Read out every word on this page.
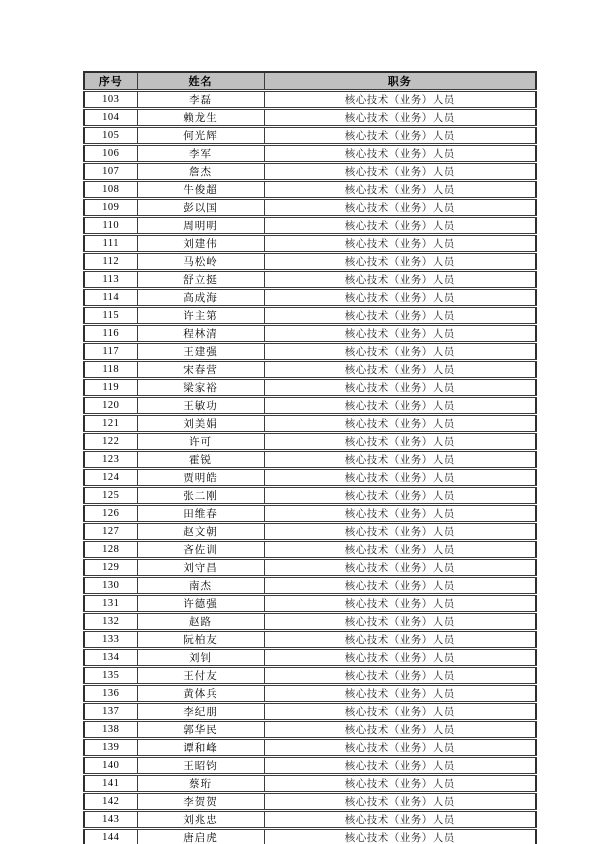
序号	姓名	职务
103	李磊	核心技术（业务）人员
104	赖龙生	核心技术（业务）人员
105	何光辉	核心技术（业务）人员
106	李军	核心技术（业务）人员
107	詹杰	核心技术（业务）人员
108	牛俊超	核心技术（业务）人员
109	彭以国	核心技术（业务）人员
110	周明明	核心技术（业务）人员
111	刘建伟	核心技术（业务）人员
112	马松岭	核心技术（业务）人员
113	舒立挺	核心技术（业务）人员
114	高成海	核心技术（业务）人员
115	许主第	核心技术（业务）人员
116	程林清	核心技术（业务）人员
117	王建强	核心技术（业务）人员
118	宋春营	核心技术（业务）人员
119	梁家裕	核心技术（业务）人员
120	王敏功	核心技术（业务）人员
121	刘美娟	核心技术（业务）人员
122	许可	核心技术（业务）人员
123	霍锐	核心技术（业务）人员
124	贾明皓	核心技术（业务）人员
125	张二刚	核心技术（业务）人员
126	田维春	核心技术（业务）人员
127	赵文朝	核心技术（业务）人员
128	吝佐训	核心技术（业务）人员
129	刘守昌	核心技术（业务）人员
130	南杰	核心技术（业务）人员
131	许德强	核心技术（业务）人员
132	赵路	核心技术（业务）人员
133	阮柏友	核心技术（业务）人员
134	刘钊	核心技术（业务）人员
135	王付友	核心技术（业务）人员
136	黄体兵	核心技术（业务）人员
137	李纪朋	核心技术（业务）人员
138	郭华民	核心技术（业务）人员
139	谭和峰	核心技术（业务）人员
140	王昭钧	核心技术（业务）人员
141	蔡珩	核心技术（业务）人员
142	李贺贺	核心技术（业务）人员
143	刘兆忠	核心技术（业务）人员
144	唐启虎	核心技术（业务）人员
